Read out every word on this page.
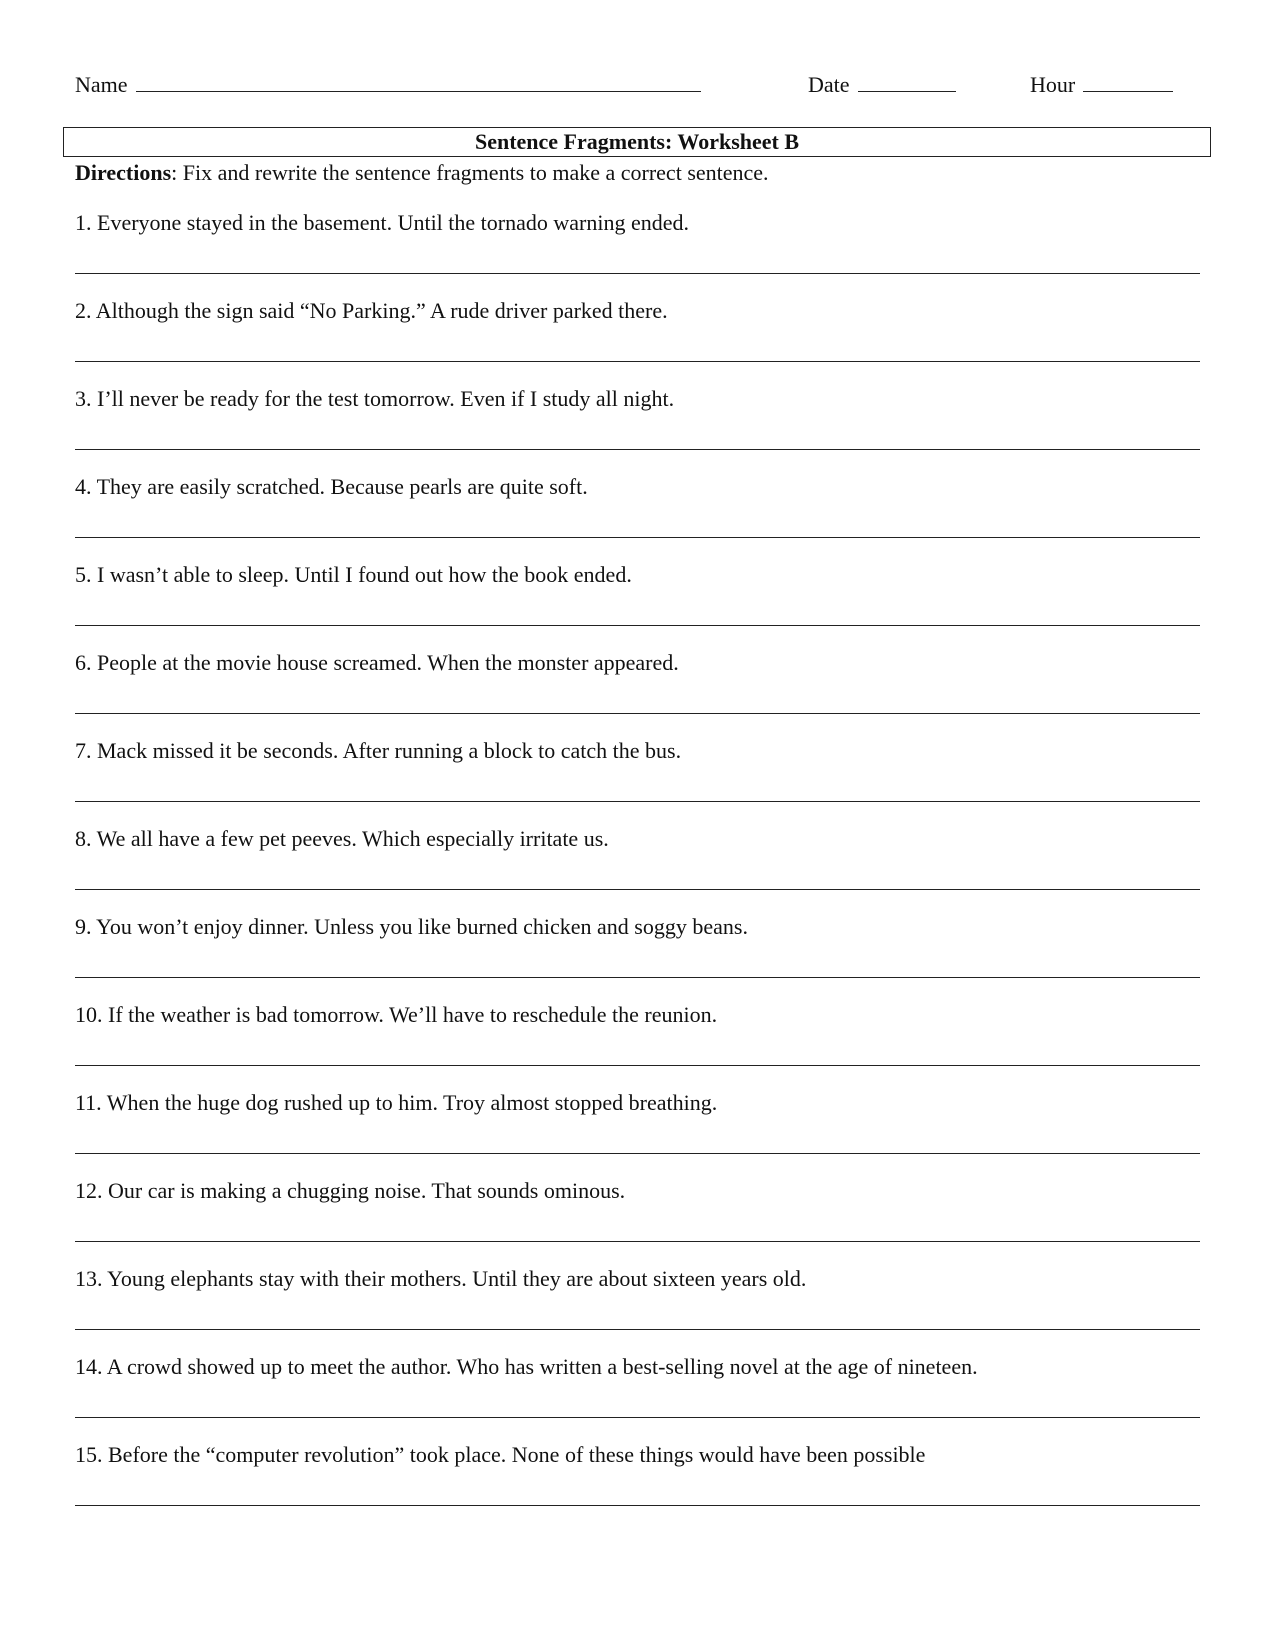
Name	Date	Hour
Sentence Fragments: Worksheet B
Directions: Fix and rewrite the sentence fragments to make a correct sentence.
1. Everyone stayed in the basement. Until the tornado warning ended.
2. Although the sign said “No Parking.” A rude driver parked there.
3. I’ll never be ready for the test tomorrow. Even if I study all night.
4. They are easily scratched. Because pearls are quite soft.
5. I wasn’t able to sleep. Until I found out how the book ended.
6. People at the movie house screamed. When the monster appeared.
7. Mack missed it be seconds. After running a block to catch the bus.
8. We all have a few pet peeves. Which especially irritate us.
9. You won’t enjoy dinner. Unless you like burned chicken and soggy beans.
10. If the weather is bad tomorrow. We’ll have to reschedule the reunion.
11. When the huge dog rushed up to him. Troy almost stopped breathing.
12. Our car is making a chugging noise. That sounds ominous.
13. Young elephants stay with their mothers. Until they are about sixteen years old.
14. A crowd showed up to meet the author. Who has written a best-selling novel at the age of nineteen.
15. Before the “computer revolution” took place. None of these things would have been possible
